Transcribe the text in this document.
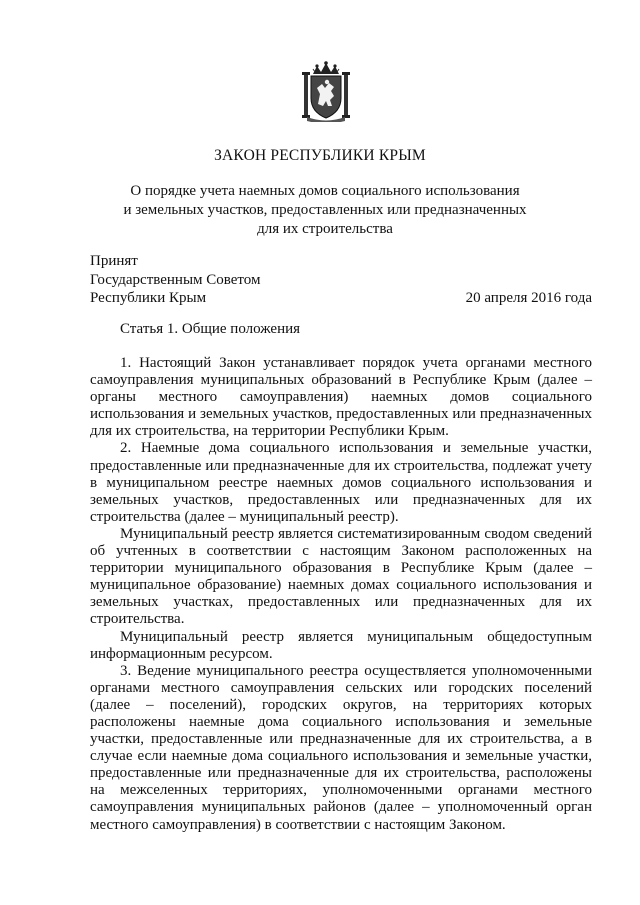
ЗАКОН РЕСПУБЛИКИ КРЫМ
О порядке учета наемных домов социального использования
и земельных участков, предоставленных или предназначенных
для их строительства
Принят
Государственным Советом
Республики Крым	20 апреля 2016 года
Статья 1. Общие положения

1. Настоящий Закон устанавливает порядок учета органами местного самоуправления муниципальных образований в Республике Крым (далее – органы местного самоуправления) наемных домов социального использования и земельных участков, предоставленных или предназначенных для их строительства, на территории Республики Крым.

2. Наемные дома социального использования и земельные участки, предоставленные или предназначенные для их строительства, подлежат учету в муниципальном реестре наемных домов социального использования и земельных участков, предоставленных или предназначенных для их строительства (далее – муниципальный реестр).

Муниципальный реестр является систематизированным сводом сведений об учтенных в соответствии с настоящим Законом расположенных на территории муниципального образования в Республике Крым (далее – муниципальное образование) наемных домах социального использования и земельных участках, предоставленных или предназначенных для их строительства.

Муниципальный реестр является муниципальным общедоступным информационным ресурсом.

3. Ведение муниципального реестра осуществляется уполномоченными органами местного самоуправления сельских или городских поселений (далее – поселений), городских округов, на территориях которых расположены наемные дома социального использования и земельные участки, предоставленные или предназначенные для их строительства, а в случае если наемные дома социального использования и земельные участки, предоставленные или предназначенные для их строительства, расположены на межселенных территориях, уполномоченными органами местного самоуправления муниципальных районов (далее – уполномоченный орган местного самоуправления) в соответствии с настоящим Законом.
